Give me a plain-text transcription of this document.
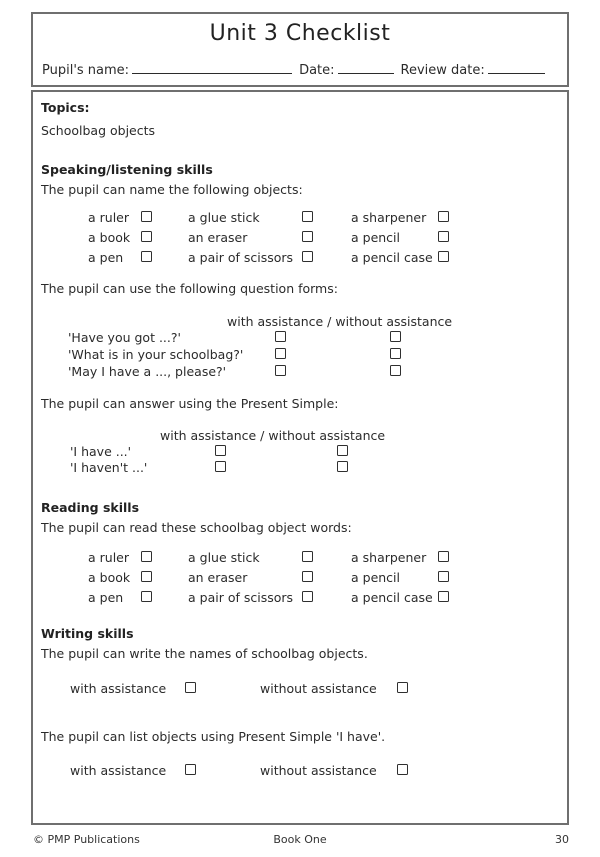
Unit 3 Checklist
Pupil's name:	Date:	Review date:
Topics:
Schoolbag objects
Speaking/listening skills
The pupil can name the following objects:
a ruler	a glue stick	a sharpener
a book	an eraser	a pencil
a pen	a pair of scissors	a pencil case
The pupil can use the following question forms:
with assistance / without assistance
'Have you got ...?'
'What is in your schoolbag?'
'May I have a ..., please?'
The pupil can answer using the Present Simple:
with assistance / without assistance
'I have ...'
'I haven't ...'
Reading skills
The pupil can read these schoolbag object words:
a ruler	a glue stick	a sharpener
a book	an eraser	a pencil
a pen	a pair of scissors	a pencil case
Writing skills
The pupil can write the names of schoolbag objects.
with assistance	without assistance
The pupil can list objects using Present Simple 'I have'.
with assistance	without assistance
© PMP Publications	Book One	30
